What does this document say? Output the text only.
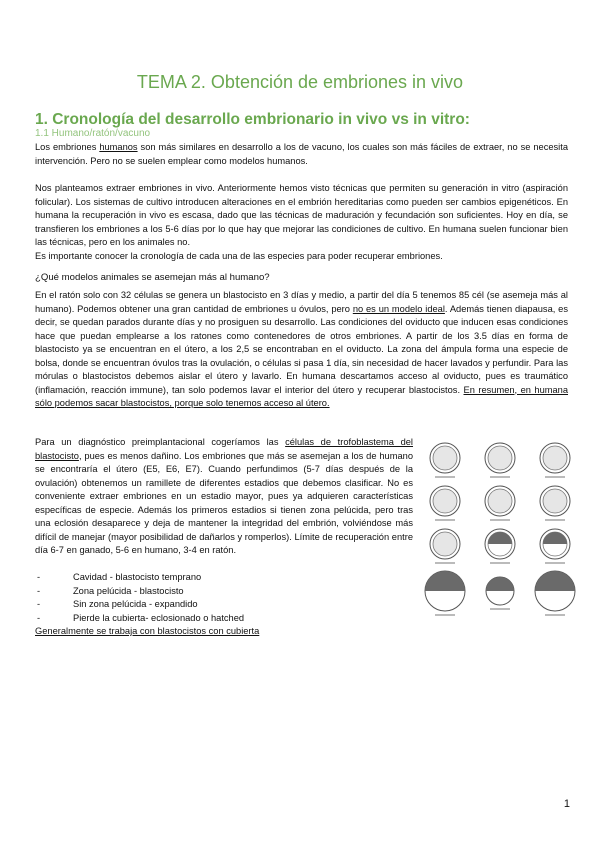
TEMA 2. Obtención de embriones in vivo
1. Cronología del desarrollo embrionario in vivo vs in vitro:
1.1 Humano/ratón/vacuno
Los embriones humanos son más similares en desarrollo a los de vacuno, los cuales son más fáciles de extraer, no se necesita intervención. Pero no se suelen emplear como modelos humanos.
Nos planteamos extraer embriones in vivo. Anteriormente hemos visto técnicas que permiten su generación in vitro (aspiración folicular). Los sistemas de cultivo introducen alteraciones en el embrión hereditarias como pueden ser cambios epigenéticos. En humana la recuperación in vivo es escasa, dado que las técnicas de maduración y fecundación son suficientes. Hoy en día, se transfieren los embriones a los 5-6 días por lo que hay que mejorar las condiciones de cultivo. En humana suelen funcionar bien las técnicas, pero en los animales no.
Es importante conocer la cronología de cada una de las especies para poder recuperar embriones.
¿Qué modelos animales se asemejan más al humano?
En el ratón solo con 32 células se genera un blastocisto en 3 días y medio, a partir del día 5 tenemos 85 cél (se asemeja más al humano). Podemos obtener una gran cantidad de embriones u óvulos, pero no es un modelo ideal. Además tienen diapausa, es decir, se quedan parados durante días y no prosiguen su desarrollo. Las condiciones del oviducto que inducen esas condiciones hace que puedan emplearse a los ratones como contenedores de otros embriones. A partir de los 3.5 días en forma de blastocisto ya se encuentran en el útero, a los 2,5 se encontraban en el oviducto. La zona del ámpula forma una especie de bolsa, donde se encuentran óvulos tras la ovulación, o células si pasa 1 día, sin necesidad de hacer lavados y perfundir. Para las mórulas o blastocistos debemos aislar el útero y lavarlo. En humana descartamos acceso al oviducto, pues es traumático (inflamación, reacción immune), tan solo podemos lavar el interior del útero y recuperar blastocistos. En resumen, en humana sólo podemos sacar blastocistos, porque solo tenemos acceso al útero.
Para un diagnóstico preimplantacional cogeríamos las células de trofoblastema del blastocisto, pues es menos dañino. Los embriones que más se asemejan a los de humano se encontraría el útero (E5, E6, E7). Cuando perfundimos (5-7 días después de la ovulación) obtenemos un ramillete de diferentes estadios que debemos clasificar. No es conveniente extraer embriones en un estadio mayor, pues ya adquieren características específicas de especie. Además los primeros estadios si tienen zona pelúcida, pero tras una eclosión desaparece y deja de mantener la integridad del embrión, volviéndose más difícil de manejar (mayor posibilidad de dañarlos y romperlos). Límite de recuperación entre día 6-7 en ganado, 5-6 en humano, 3-4 en ratón.
-	Cavidad - blastocisto temprano
-	Zona pelúcida - blastocisto
-	Sin zona pelúcida - expandido
-	Pierde la cubierta- eclosionado o hatched
Generalmente se trabaja con blastocistos con cubierta
1
